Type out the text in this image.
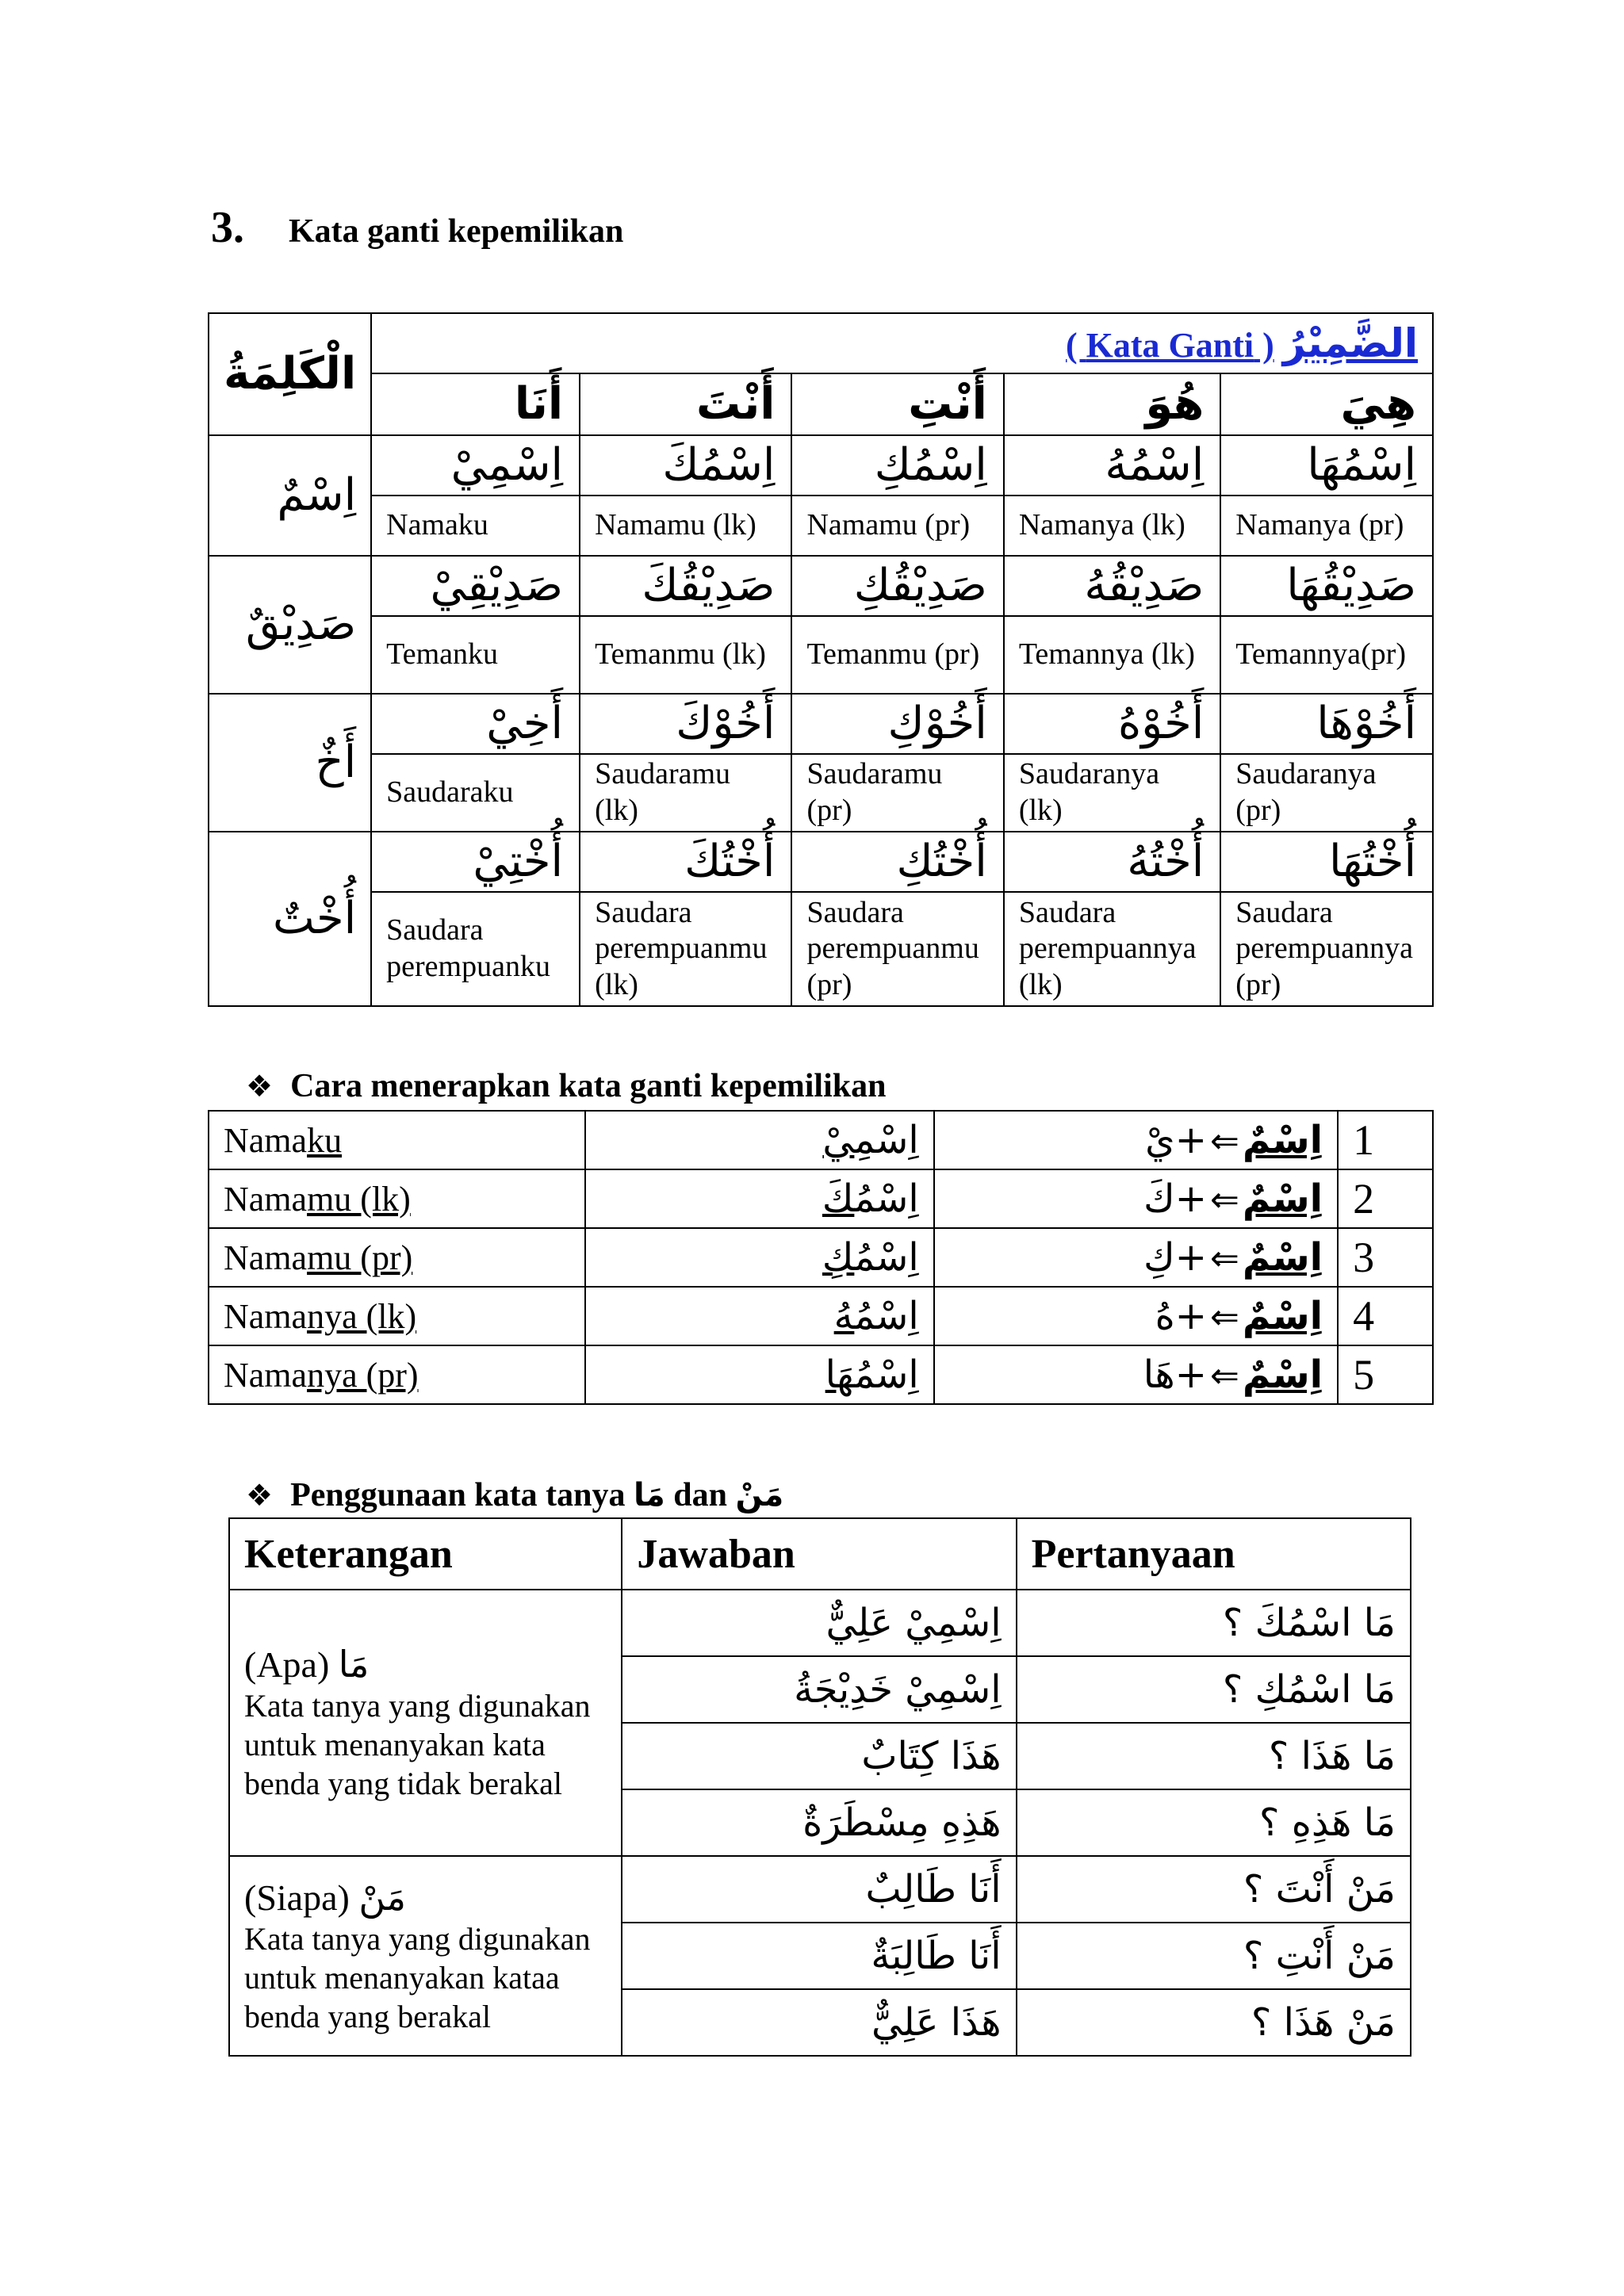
3. Kata ganti kepemilikan
الْكَلِمَةُ	الضَّمِيْرُ ( Kata Ganti )				
	أَنَا	أَنْتَ	أَنْتِ	هُوَ	هِيَ
اِسْمٌ	اِسْمِيْ	اِسْمُكَ	اِسْمُكِ	اِسْمُهُ	اِسْمُهَا
	Namaku	Namamu (lk)	Namamu (pr)	Namanya (lk)	Namanya (pr)
صَدِيْقٌ	صَدِيْقِيْ	صَدِيْقُكَ	صَدِيْقُكِ	صَدِيْقُهُ	صَدِيْقُهَا
	Temanku	Temanmu (lk)	Temanmu (pr)	Temannya (lk)	Temannya(pr)
أَخٌ	أَخِيْ	أَخُوْكَ	أَخُوْكِ	أَخُوْهُ	أَخُوْهَا
	Saudaraku	Saudaramu (lk)	Saudaramu (pr)	Saudaranya (lk)	Saudaranya (pr)
أُخْتٌ	أُخْتِيْ	أُخْتُكَ	أُخْتُكِ	أُخْتُهُ	أُخْتُهَا
	Saudara perempuanku	Saudara perempuanmu (lk)	Saudara perempuanmu (pr)	Saudara perempuannya (lk)	Saudara perempuannya (pr)
❖ Cara menerapkan kata ganti kepemilikan
Namaku	اِسْمِيْ	اِسْمٌ⇐+يْ	1
Namamu (lk)	اِسْمُكَ	اِسْمٌ⇐+كَ	2
Namamu (pr)	اِسْمُكِ	اِسْمٌ⇐+كِ	3
Namanya (lk)	اِسْمُهُ	اِسْمٌ⇐+هُ	4
Namanya (pr)	اِسْمُهَا	اِسْمٌ⇐+هَا	5
❖ Penggunaan kata tanya مَا dan مَنْ
Keterangan	Jawaban	Pertanyaan

(Apa) مَا
Kata tanya yang digunakan untuk menanyakan kata benda yang tidak berakal	اِسْمِيْ عَلِيٌّ	مَا اسْمُكَ ؟
	اِسْمِيْ خَدِيْجَةُ	مَا اسْمُكِ ؟
	هَذَا كِتَابٌ	مَا هَذَا ؟
	هَذِهِ مِسْطَرَةٌ	مَا هَذِهِ ؟

(Siapa) مَنْ
Kata tanya yang digunakan untuk menanyakan kataa benda yang berakal	أَنَا طَالِبٌ	مَنْ أَنْتَ ؟
	أَنَا طَالِبَةٌ	مَنْ أَنْتِ ؟
	هَذَا عَلِيٌّ	مَنْ هَذَا ؟
